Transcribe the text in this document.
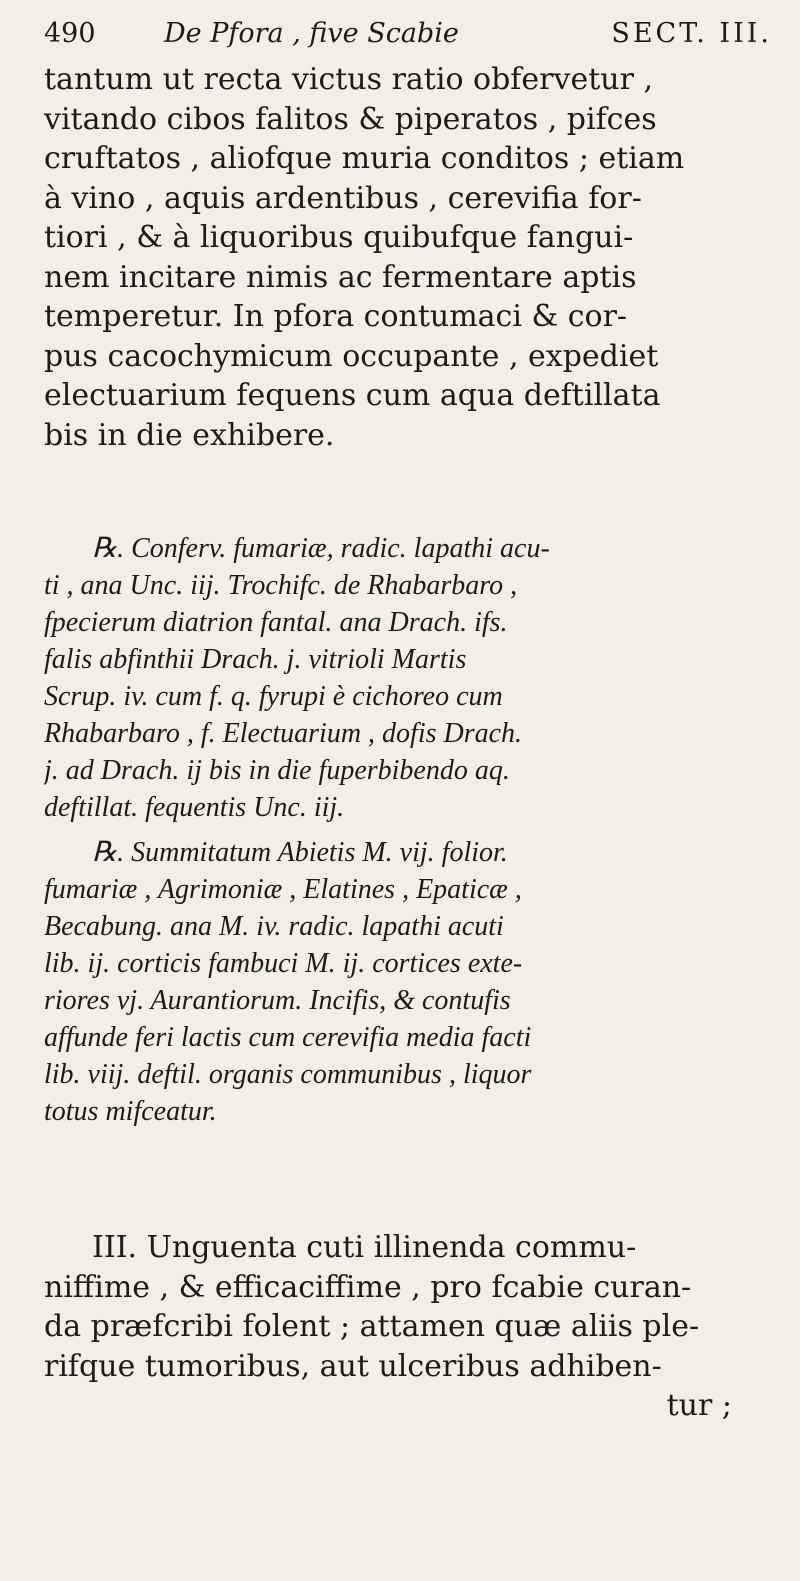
490	De Pfora , five Scabie	SECT. III.
tantum ut recta victus ratio obfervetur ,
vitando cibos falitos & piperatos , pifces
cruftatos , aliofque muria conditos ; etiam
à vino , aquis ardentibus , cerevifia for-
tiori , & à liquoribus quibufque fangui-
nem incitare nimis ac fermentare aptis
temperetur. In pfora contumaci & cor-
pus cacochymicum occupante , expediet
electuarium fequens cum aqua deftillata
bis in die exhibere.
℞. Conferv. fumariæ, radic. lapathi acu-
ti , ana Unc. iij. Trochifc. de Rhabarbaro ,
fpecierum diatrion fantal. ana Drach. ifs.
falis abfinthii Drach. j. vitrioli Martis
Scrup. iv. cum f. q. fyrupi è cichoreo cum
Rhabarbaro , f. Electuarium , dofis Drach.
j. ad Drach. ij bis in die fuperbibendo aq.
deftillat. fequentis Unc. iij.
℞. Summitatum Abietis M. vij. folior.
fumariæ , Agrimoniæ , Elatines , Epaticæ ,
Becabung. ana M. iv. radic. lapathi acuti
lib. ij. corticis fambuci M. ij. cortices exte-
riores vj. Aurantiorum. Incifis, & contufis
affunde feri lactis cum cerevifia media facti
lib. viij. deftil. organis communibus , liquor
totus mifceatur.
III. Unguenta cuti illinenda commu-
niffime , & efficaciffime , pro fcabie curan-
da præfcribi folent ; attamen quæ aliis ple-
rifque tumoribus, aut ulceribus adhiben-
tur ;
